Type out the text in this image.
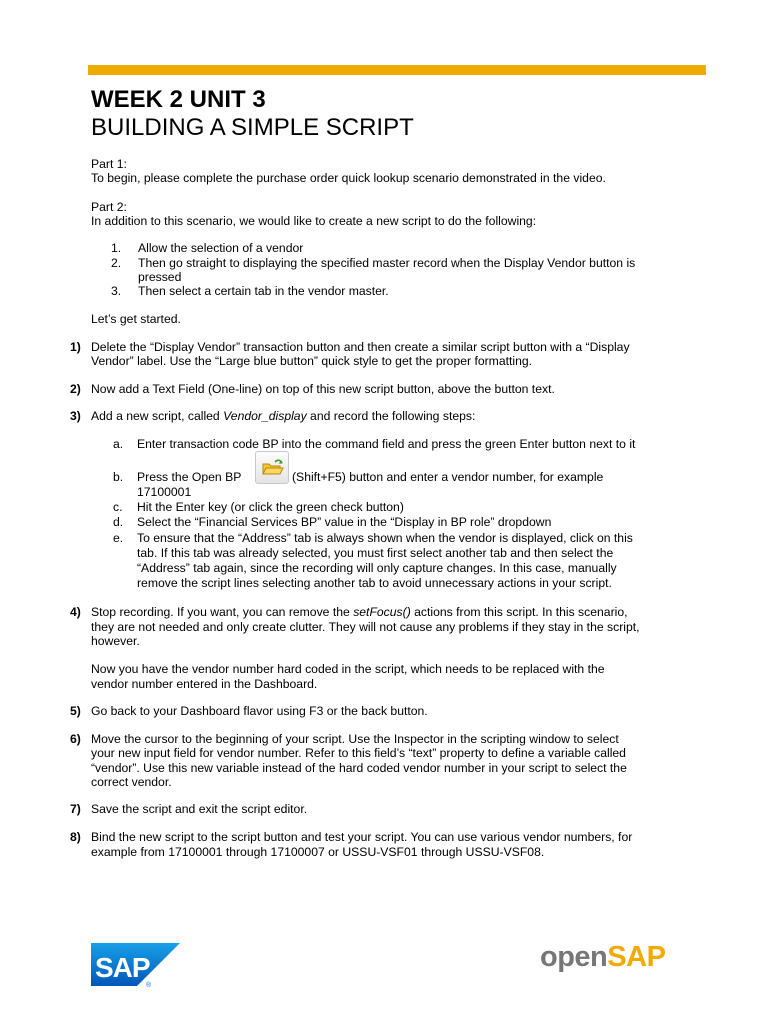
WEEK 2 UNIT 3
BUILDING A SIMPLE SCRIPT
Part 1:
To begin, please complete the purchase order quick lookup scenario demonstrated in the video.
Part 2:
In addition to this scenario, we would like to create a new script to do the following:
1. Allow the selection of a vendor
2. Then go straight to displaying the specified master record when the Display Vendor button is
pressed
3. Then select a certain tab in the vendor master.
Let’s get started.
1) Delete the “Display Vendor” transaction button and then create a similar script button with a “Display
Vendor” label. Use the “Large blue button” quick style to get the proper formatting.
2) Now add a Text Field (One-line) on top of this new script button, above the button text.
3) Add a new script, called Vendor_display and record the following steps:
a. Enter transaction code BP into the command field and press the green Enter button next to it
b. Press the Open BP	(Shift+F5) button and enter a vendor number, for example
17100001
c. Hit the Enter key (or click the green check button)
d. Select the “Financial Services BP” value in the “Display in BP role” dropdown
e. To ensure that the “Address” tab is always shown when the vendor is displayed, click on this
tab. If this tab was already selected, you must first select another tab and then select the
“Address” tab again, since the recording will only capture changes. In this case, manually
remove the script lines selecting another tab to avoid unnecessary actions in your script.
4) Stop recording. If you want, you can remove the setFocus() actions from this script. In this scenario,
they are not needed and only create clutter. They will not cause any problems if they stay in the script,
however.
Now you have the vendor number hard coded in the script, which needs to be replaced with the
vendor number entered in the Dashboard.
5) Go back to your Dashboard flavor using F3 or the back button.
6) Move the cursor to the beginning of your script. Use the Inspector in the scripting window to select
your new input field for vendor number. Refer to this field’s “text” property to define a variable called
“vendor”. Use this new variable instead of the hard coded vendor number in your script to select the
correct vendor.
7) Save the script and exit the script editor.
8) Bind the new script to the script button and test your script. You can use various vendor numbers, for
example from 17100001 through 17100007 or USSU-VSF01 through USSU-VSF08.
SAP
®
openSAP
